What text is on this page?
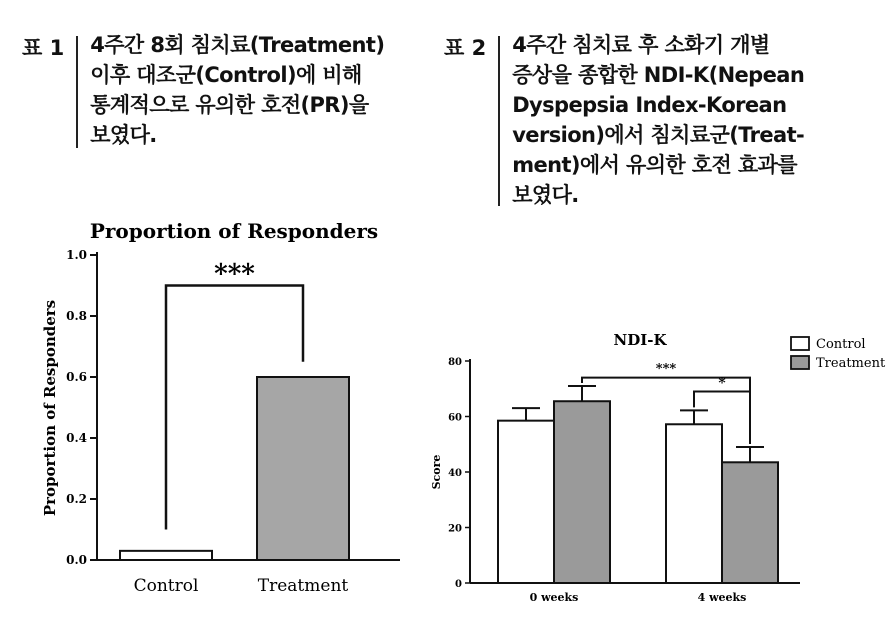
표 1 4주간 8회 침치료(Treatment)
이후 대조군(Control)에 비해
통계적으로 유의한 호전(PR)을
보였다.
표 2 4주간 침치료 후 소화기 개별
증상을 종합한 NDI-K(Nepean
Dyspepsia Index-Korean
version)에서 침치료군(Treat-
ment)에서 유의한 호전 효과를
보였다.
Proportion of Responders
Proportion of Responders
0.0
0.2
0.4
0.6
0.8
1.0
Control	Treatment
***
NDI-K
Score
0
20
40
60
80
0 weeks	4 weeks
***
*
Control
Treatment
